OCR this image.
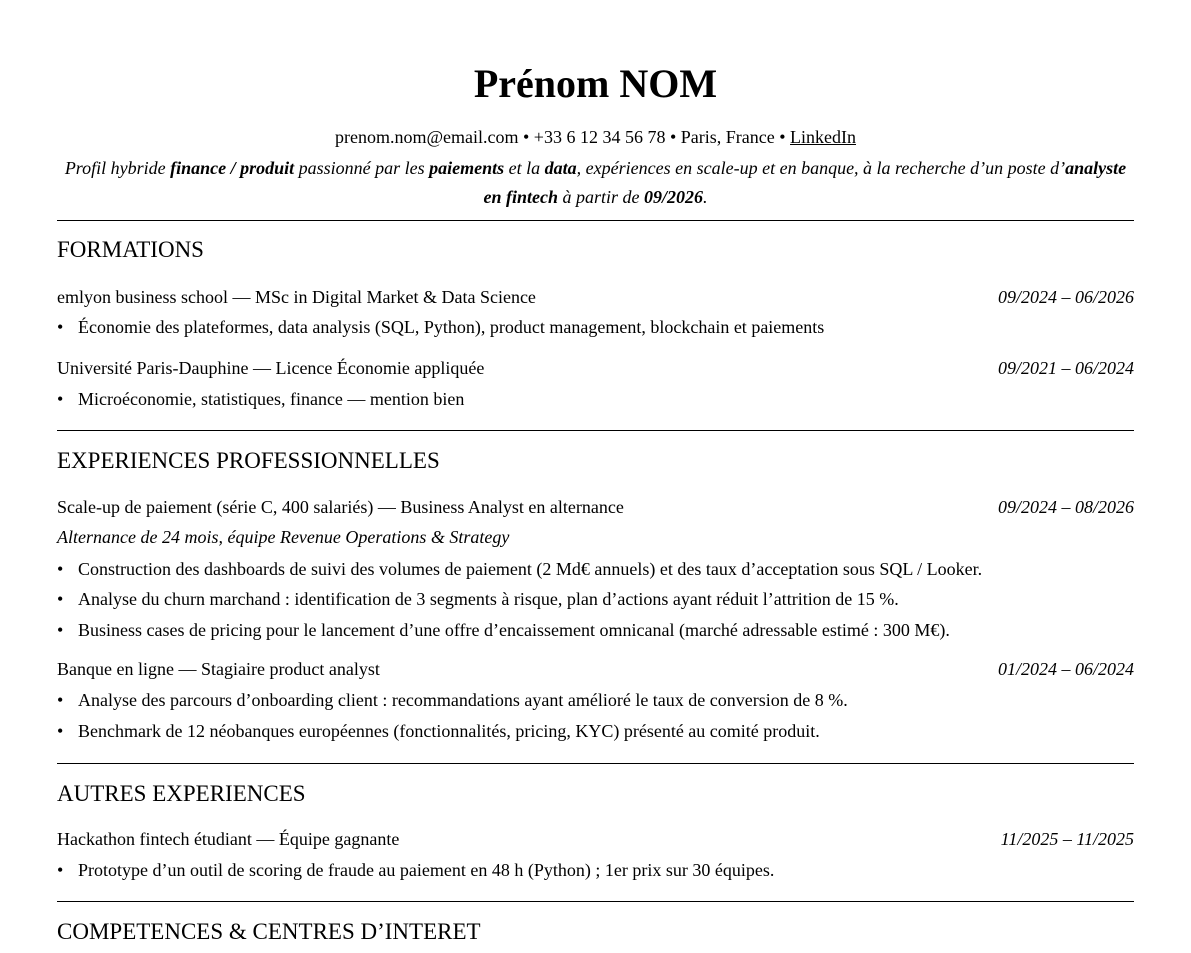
Prénom NOM
prenom.nom@email.com • +33 6 12 34 56 78 • Paris, France • LinkedIn
Profil hybride finance / produit passionné par les paiements et la data, expériences en scale-up et en banque, à la recherche d’un poste d’analyste en fintech à partir de 09/2026.
FORMATIONS
emlyon business school — MSc in Digital Market & Data Science	09/2024 – 06/2026
• Économie des plateformes, data analysis (SQL, Python), product management, blockchain et paiements
Université Paris-Dauphine — Licence Économie appliquée	09/2021 – 06/2024
• Microéconomie, statistiques, finance — mention bien
EXPERIENCES PROFESSIONNELLES
Scale-up de paiement (série C, 400 salariés) — Business Analyst en alternance	09/2024 – 08/2026
Alternance de 24 mois, équipe Revenue Operations & Strategy
• Construction des dashboards de suivi des volumes de paiement (2 Md€ annuels) et des taux d’acceptation sous SQL / Looker.
• Analyse du churn marchand : identification de 3 segments à risque, plan d’actions ayant réduit l’attrition de 15 %.
• Business cases de pricing pour le lancement d’une offre d’encaissement omnicanal (marché adressable estimé : 300 M€).
Banque en ligne — Stagiaire product analyst	01/2024 – 06/2024
• Analyse des parcours d’onboarding client : recommandations ayant amélioré le taux de conversion de 8 %.
• Benchmark de 12 néobanques européennes (fonctionnalités, pricing, KYC) présenté au comité produit.
AUTRES EXPERIENCES
Hackathon fintech étudiant — Équipe gagnante	11/2025 – 11/2025
• Prototype d’un outil de scoring de fraude au paiement en 48 h (Python) ; 1er prix sur 30 équipes.
COMPETENCES & CENTRES D’INTERET
